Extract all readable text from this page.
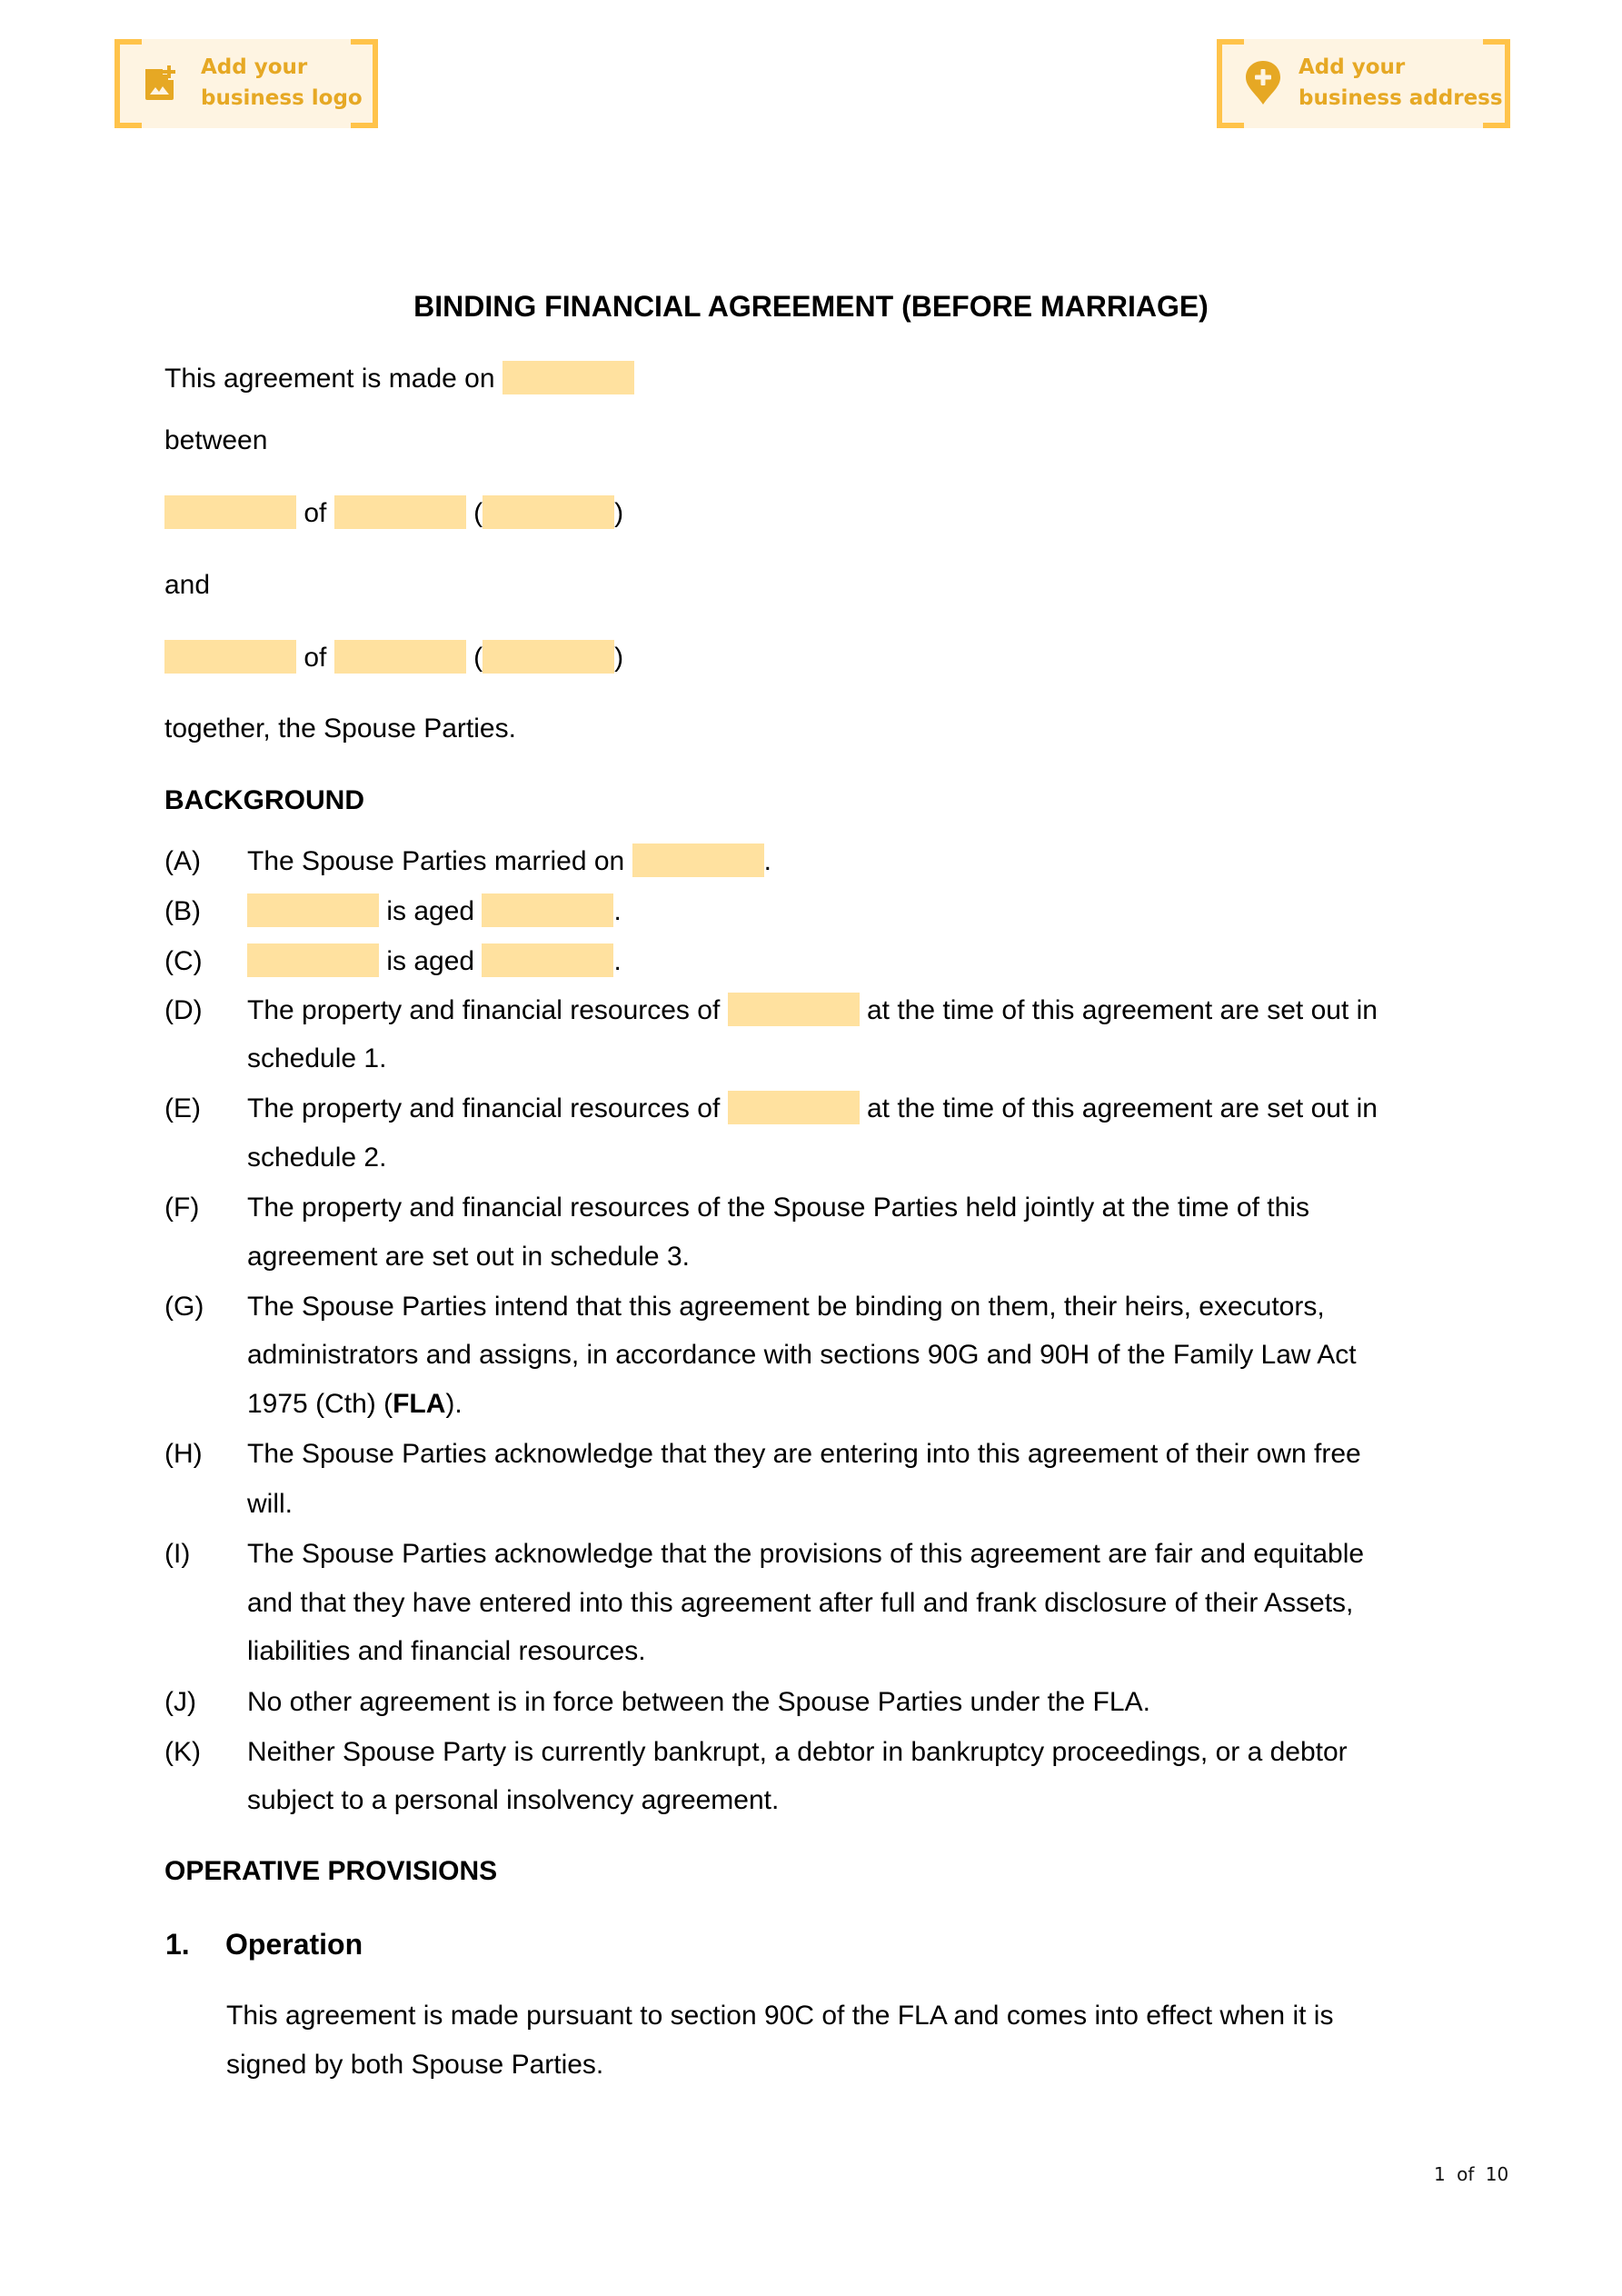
Add your
business logo
Add your
business address
BINDING FINANCIAL AGREEMENT (BEFORE MARRIAGE)
This agreement is made on
between
of	(	)
and
of	(	)
together, the Spouse Parties.
BACKGROUND
(A) The Spouse Parties married on	.
(B)	is aged	.
(C)	is aged	.
(D) The property and financial resources of	at the time of this agreement are set out in
schedule 1.
(E) The property and financial resources of	at the time of this agreement are set out in
schedule 2.
(F) The property and financial resources of the Spouse Parties held jointly at the time of this
agreement are set out in schedule 3.
(G) The Spouse Parties intend that this agreement be binding on them, their heirs, executors,
administrators and assigns, in accordance with sections 90G and 90H of the Family Law Act
1975 (Cth) (FLA).
(H) The Spouse Parties acknowledge that they are entering into this agreement of their own free
will.
(I) The Spouse Parties acknowledge that the provisions of this agreement are fair and equitable
and that they have entered into this agreement after full and frank disclosure of their Assets,
liabilities and financial resources.
(J) No other agreement is in force between the Spouse Parties under the FLA.
(K) Neither Spouse Party is currently bankrupt, a debtor in bankruptcy proceedings, or a debtor
subject to a personal insolvency agreement.
OPERATIVE PROVISIONS
1. Operation
This agreement is made pursuant to section 90C of the FLA and comes into effect when it is
signed by both Spouse Parties.
1 of 10
